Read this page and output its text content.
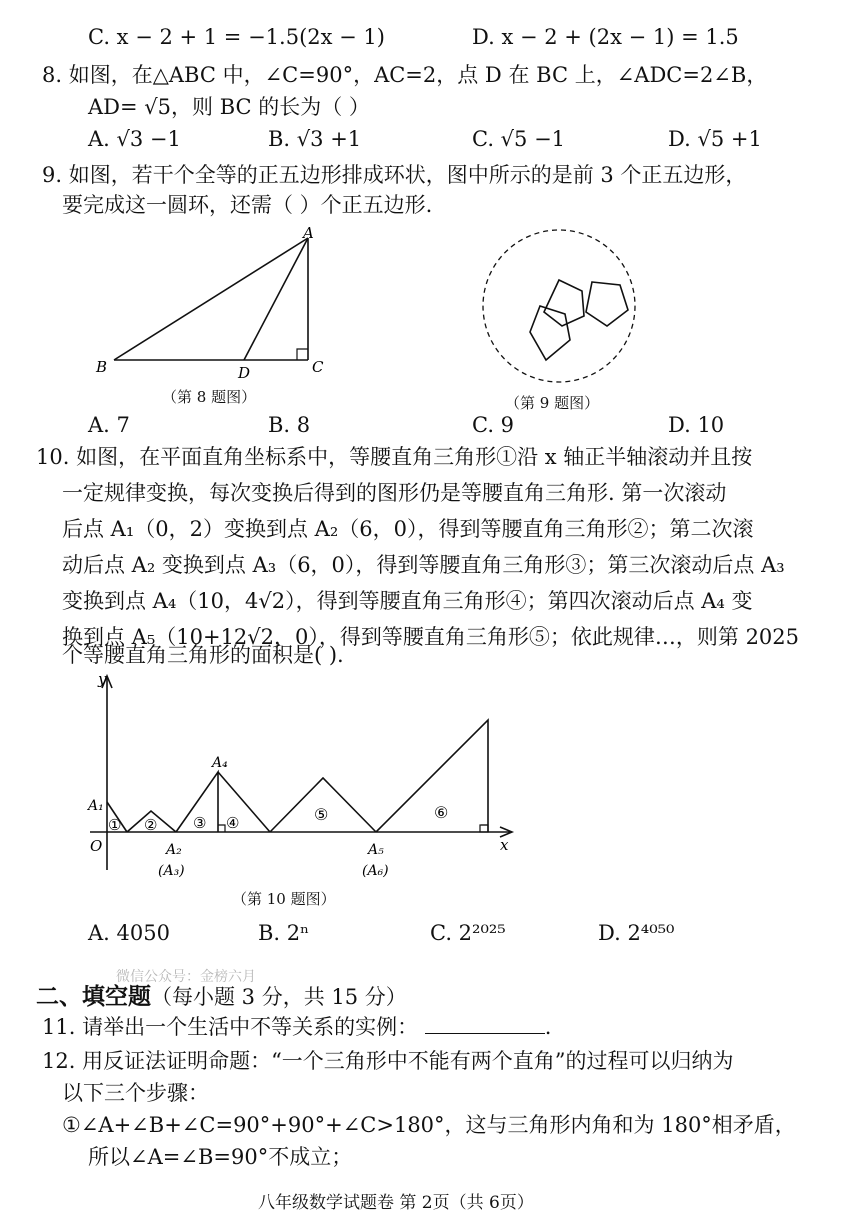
C. x − 2 + 1 = −1.5(2x − 1)	D. x − 2 + (2x − 1) = 1.5
8. 如图，在△ABC 中，∠C=90°，AC=2，点 D 在 BC 上，∠ADC=2∠B，
AD= √5，则 BC 的长为（ ）
A. √3 −1	B. √3 +1	C. √5 −1	D. √5 +1
9. 如图，若干个全等的正五边形排成环状，图中所示的是前 3 个正五边形，
要完成这一圆环，还需（ ）个正五边形.
A
B	C
D
（第 8 题图）	（第 9 题图）
A. 7	B. 8	C. 9	D. 10
10. 如图，在平面直角坐标系中，等腰直角三角形①沿 x 轴正半轴滚动并且按
一定规律变换，每次变换后得到的图形仍是等腰直角三角形. 第一次滚动
后点 A₁（0，2）变换到点 A₂（6，0），得到等腰直角三角形②；第二次滚
动后点 A₂ 变换到点 A₃（6，0），得到等腰直角三角形③；第三次滚动后点 A₃
变换到点 A₄（10，4√2），得到等腰直角三角形④；第四次滚动后点 A₄ 变
换到点 A₅（10+12√2，0），得到等腰直角三角形⑤；依此规律…，则第 2025
个等腰直角三角形的面积是( ).
y
x
O
A₁
A₂
(A₃)
A₄
A₅
(A₆)
① ② ③ ④	⑤	⑥
（第 10 题图）
A. 4050	B. 2ⁿ	C. 2²⁰²⁵	D. 2⁴⁰⁵⁰
微信公众号：金榜六月
二、填空题（每小题 3 分，共 15 分）
11. 请举出一个生活中不等关系的实例：	.
12. 用反证法证明命题：“一个三角形中不能有两个直角”的过程可以归纳为
以下三个步骤：
①∠A+∠B+∠C=90°+90°+∠C>180°，这与三角形内角和为 180°相矛盾，
所以∠A=∠B=90°不成立；
八年级数学试题卷 第 2页（共 6页）
